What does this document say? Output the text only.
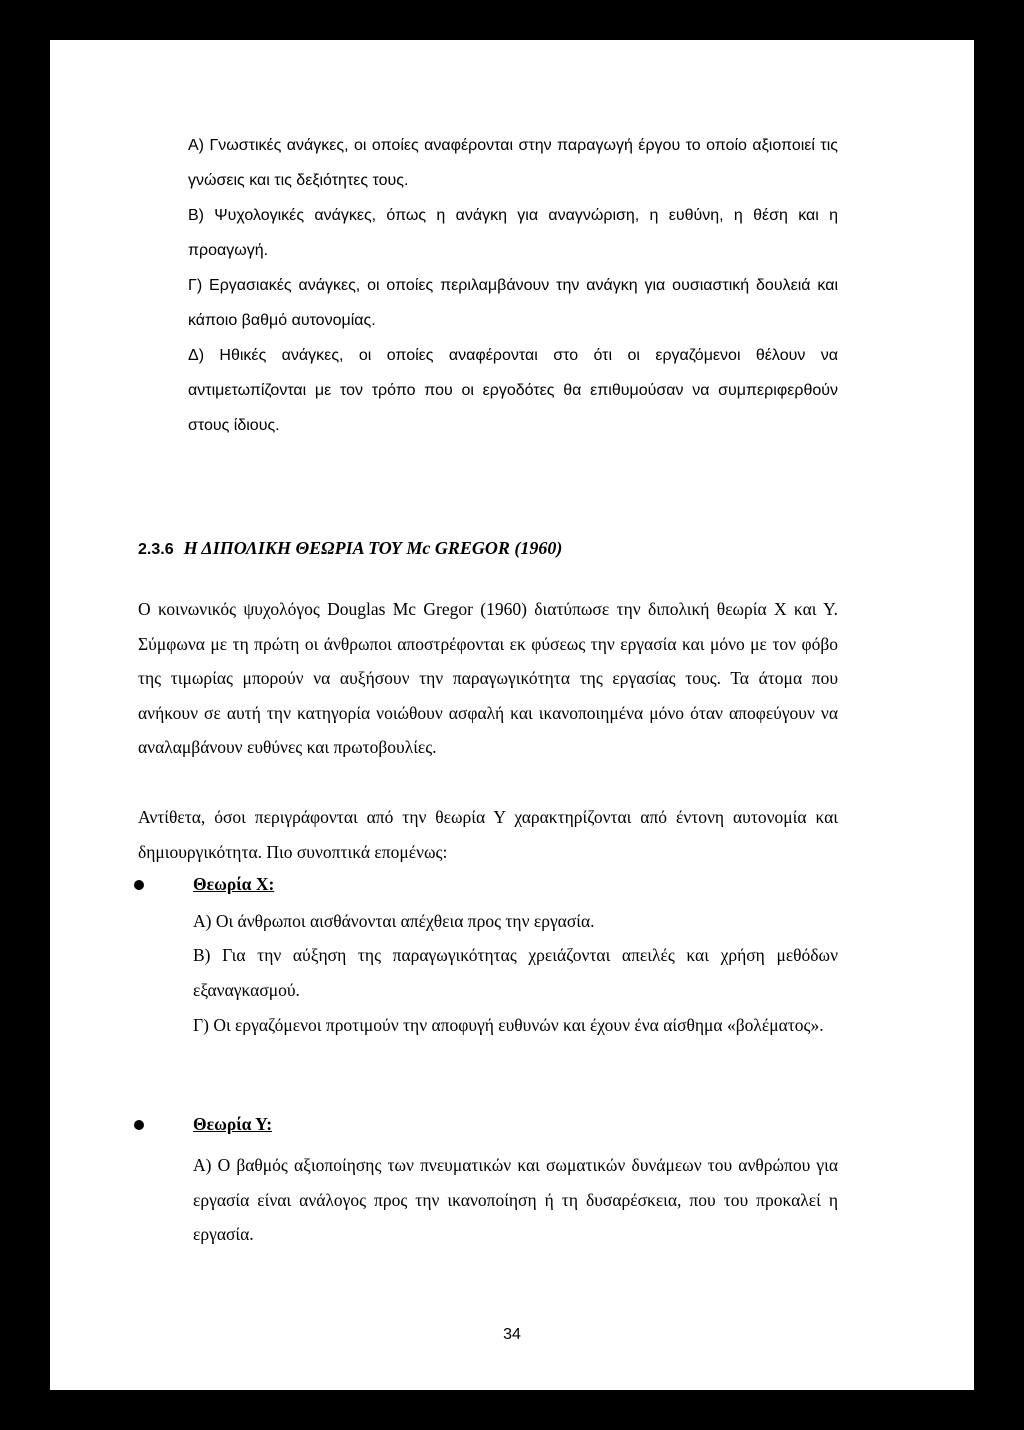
Α) Γνωστικές ανάγκες, οι οποίες αναφέρονται στην παραγωγή έργου το οποίο αξιοποιεί τις γνώσεις και τις δεξιότητες τους.

Β) Ψυχολογικές ανάγκες, όπως η ανάγκη για αναγνώριση, η ευθύνη, η θέση και η προαγωγή.

Γ) Εργασιακές ανάγκες, οι οποίες περιλαμβάνουν την ανάγκη για ουσιαστική δουλειά και κάποιο βαθμό αυτονομίας.

Δ) Ηθικές ανάγκες, οι οποίες αναφέρονται στο ότι οι εργαζόμενοι θέλουν να αντιμετωπίζονται με τον τρόπο που οι εργοδότες θα επιθυμούσαν να συμπεριφερθούν στους ίδιους.

2.3.6 Η ΔΙΠΟΛΙΚΗ ΘΕΩΡΙΑ ΤΟΥ Mc GREGOR (1960)

Ο κοινωνικός ψυχολόγος Douglas Mc Gregor (1960) διατύπωσε την διπολική θεωρία Χ και Υ. Σύμφωνα με τη πρώτη οι άνθρωποι αποστρέφονται εκ φύσεως την εργασία και μόνο με τον φόβο της τιμωρίας μπορούν να αυξήσουν την παραγωγικότητα της εργασίας τους. Τα άτομα που ανήκουν σε αυτή την κατηγορία νοιώθουν ασφαλή και ικανοποιημένα μόνο όταν αποφεύγουν να αναλαμβάνουν ευθύνες και πρωτοβουλίες.

Αντίθετα, όσοι περιγράφονται από την θεωρία Υ χαρακτηρίζονται από έντονη αυτονομία και δημιουργικότητα. Πιο συνοπτικά επομένως:

Θεωρία Χ:

Α) Οι άνθρωποι αισθάνονται απέχθεια προς την εργασία.

Β) Για την αύξηση της παραγωγικότητας χρειάζονται απειλές και χρήση μεθόδων εξαναγκασμού.

Γ) Οι εργαζόμενοι προτιμούν την αποφυγή ευθυνών και έχουν ένα αίσθημα «βολέματος».

Θεωρία Υ:

Α) Ο βαθμός αξιοποίησης των πνευματικών και σωματικών δυνάμεων του ανθρώπου για εργασία είναι ανάλογος προς την ικανοποίηση ή τη δυσαρέσκεια, που του προκαλεί η εργασία.

34
